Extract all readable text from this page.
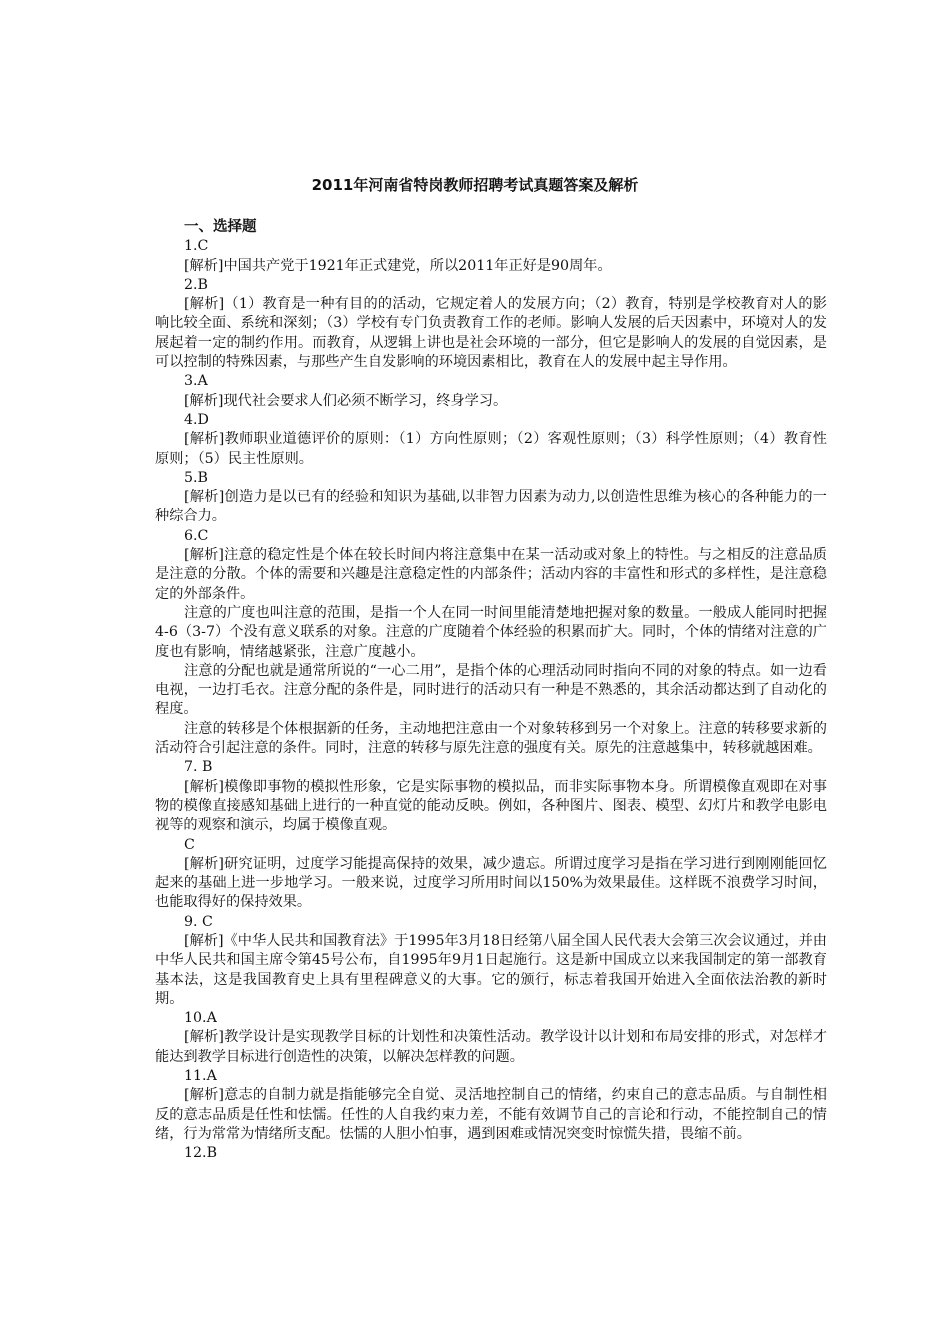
2011年河南省特岗教师招聘考试真题答案及解析

一、选择题

1.C

[解析]中国共产党于1921年正式建党，所以2011年正好是90周年。

2.B

[解析]（1）教育是一种有目的的活动，它规定着人的发展方向；（2）教育，特别是学校教育对人的影响比较全面、系统和深刻；（3）学校有专门负责教育工作的老师。影响人发展的后天因素中，环境对人的发展起着一定的制约作用。而教育，从逻辑上讲也是社会环境的一部分，但它是影响人的发展的自觉因素，是可以控制的特殊因素，与那些产生自发影响的环境因素相比，教育在人的发展中起主导作用。

3.A

[解析]现代社会要求人们必须不断学习，终身学习。

4.D

[解析]教师职业道德评价的原则：（1）方向性原则；（2）客观性原则；（3）科学性原则；（4）教育性原则；（5）民主性原则。

5.B

[解析]创造力是以已有的经验和知识为基础,以非智力因素为动力,以创造性思维为核心的各种能力的一种综合力。

6.C

[解析]注意的稳定性是个体在较长时间内将注意集中在某一活动或对象上的特性。与之相反的注意品质是注意的分散。个体的需要和兴趣是注意稳定性的内部条件；活动内容的丰富性和形式的多样性，是注意稳定的外部条件。

注意的广度也叫注意的范围，是指一个人在同一时间里能清楚地把握对象的数量。一般成人能同时把握4-6（3-7）个没有意义联系的对象。注意的广度随着个体经验的积累而扩大。同时，个体的情绪对注意的广度也有影响，情绪越紧张，注意广度越小。

注意的分配也就是通常所说的“一心二用”，是指个体的心理活动同时指向不同的对象的特点。如一边看电视，一边打毛衣。注意分配的条件是，同时进行的活动只有一种是不熟悉的，其余活动都达到了自动化的程度。

注意的转移是个体根据新的任务，主动地把注意由一个对象转移到另一个对象上。注意的转移要求新的活动符合引起注意的条件。同时，注意的转移与原先注意的强度有关。原先的注意越集中，转移就越困难。

7. B

[解析]模像即事物的模拟性形象，它是实际事物的模拟品，而非实际事物本身。所谓模像直观即在对事物的模像直接感知基础上进行的一种直觉的能动反映。例如，各种图片、图表、模型、幻灯片和教学电影电视等的观察和演示，均属于模像直观。

C

[解析]研究证明，过度学习能提高保持的效果，减少遗忘。所谓过度学习是指在学习进行到刚刚能回忆起来的基础上进一步地学习。一般来说，过度学习所用时间以150%为效果最佳。这样既不浪费学习时间，也能取得好的保持效果。

9. C

[解析]《中华人民共和国教育法》于1995年3月18日经第八届全国人民代表大会第三次会议通过，并由中华人民共和国主席令第45号公布，自1995年9月1日起施行。这是新中国成立以来我国制定的第一部教育基本法，这是我国教育史上具有里程碑意义的大事。它的颁行，标志着我国开始进入全面依法治教的新时期。

10.A

[解析]教学设计是实现教学目标的计划性和决策性活动。教学设计以计划和布局安排的形式，对怎样才能达到教学目标进行创造性的决策，以解决怎样教的问题。

11.A

[解析]意志的自制力就是指能够完全自觉、灵活地控制自己的情绪，约束自己的意志品质。与自制性相反的意志品质是任性和怯懦。任性的人自我约束力差，不能有效调节自己的言论和行动，不能控制自己的情绪，行为常常为情绪所支配。怯懦的人胆小怕事，遇到困难或情况突变时惊慌失措，畏缩不前。

12.B
